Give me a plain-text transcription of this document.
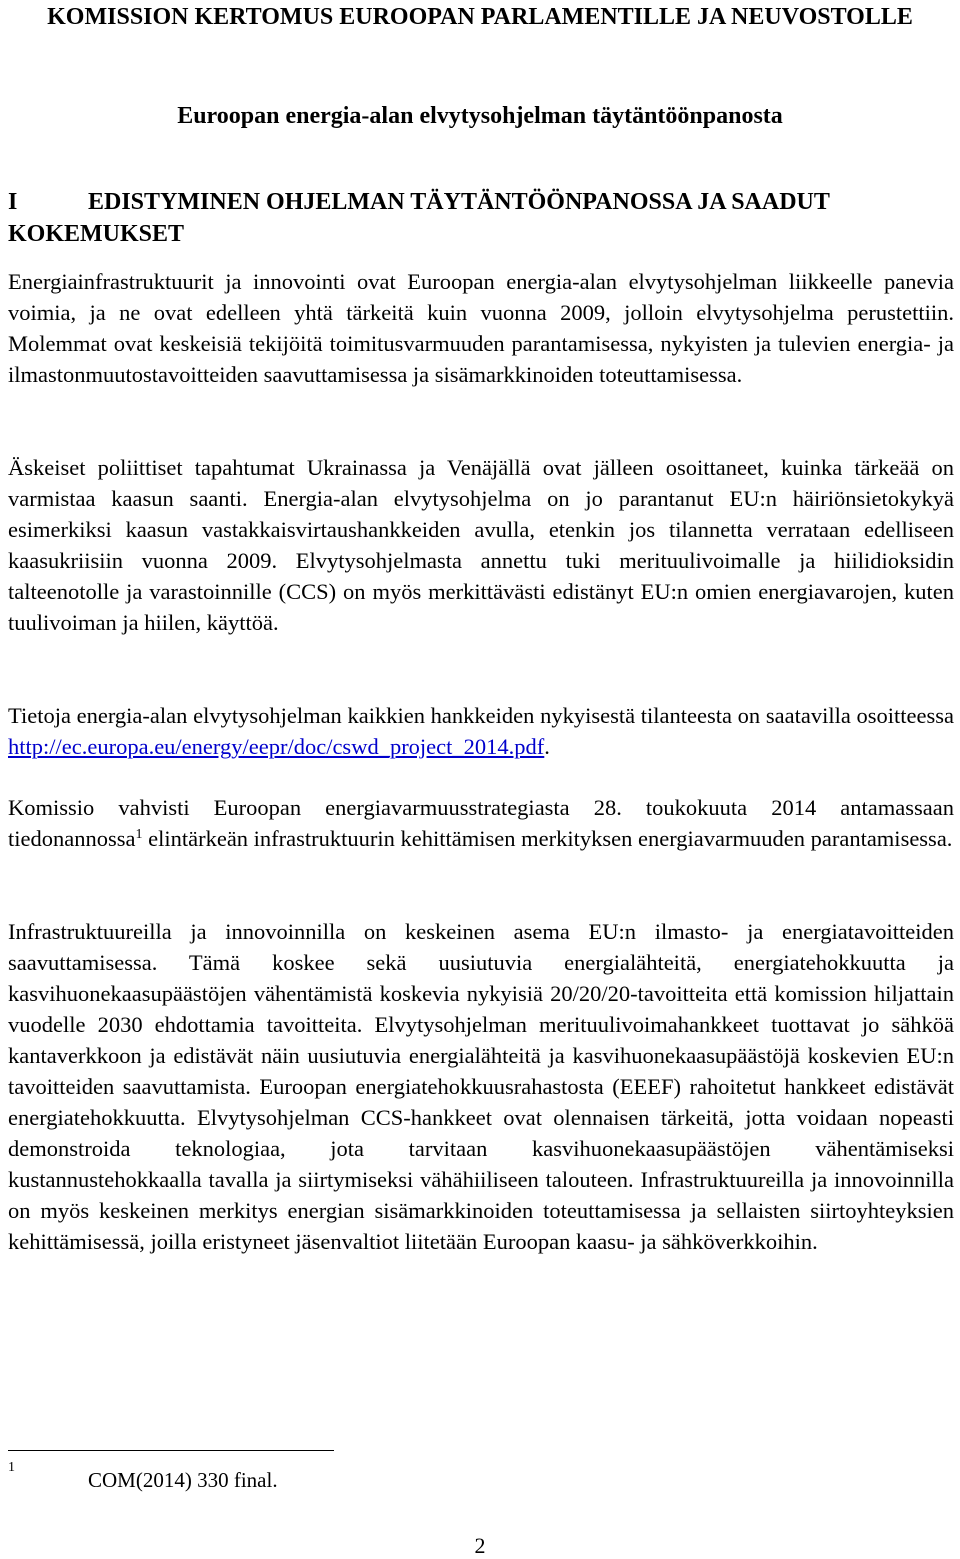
KOMISSION KERTOMUS EUROOPAN PARLAMENTILLE JA NEUVOSTOLLE
Euroopan energia-alan elvytysohjelman täytäntöönpanosta
I	EDISTYMINEN OHJELMAN TÄYTÄNTÖÖNPANOSSA JA SAADUT KOKEMUKSET

Energiainfrastruktuurit ja innovointi ovat Euroopan energia-alan elvytysohjelman liikkeelle panevia voimia, ja ne ovat edelleen yhtä tärkeitä kuin vuonna 2009, jolloin elvytysohjelma perustettiin. Molemmat ovat keskeisiä tekijöitä toimitusvarmuuden parantamisessa, nykyisten ja tulevien energia- ja ilmastonmuutostavoitteiden saavuttamisessa ja sisämarkkinoiden toteuttamisessa.

Äskeiset poliittiset tapahtumat Ukrainassa ja Venäjällä ovat jälleen osoittaneet, kuinka tärkeää on varmistaa kaasun saanti. Energia-alan elvytysohjelma on jo parantanut EU:n häiriönsietokykyä esimerkiksi kaasun vastakkaisvirtaushankkeiden avulla, etenkin jos tilannetta verrataan edelliseen kaasukriisiin vuonna 2009. Elvytysohjelmasta annettu tuki merituulivoimalle ja hiilidioksidin talteenotolle ja varastoinnille (CCS) on myös merkittävästi edistänyt EU:n omien energiavarojen, kuten tuulivoiman ja hiilen, käyttöä.

Tietoja energia-alan elvytysohjelman kaikkien hankkeiden nykyisestä tilanteesta on saatavilla osoitteessa http://ec.europa.eu/energy/eepr/doc/cswd_project_2014.pdf.

Komissio vahvisti Euroopan energiavarmuusstrategiasta 28. toukokuuta 2014 antamassaan tiedonannossa$^1$ elintärkeän infrastruktuurin kehittämisen merkityksen energiavarmuuden parantamisessa.

Infrastruktuureilla ja innovoinnilla on keskeinen asema EU:n ilmasto- ja energiatavoitteiden saavuttamisessa. Tämä koskee sekä uusiutuvia energialähteitä, energiatehokkuutta ja kasvihuonekaasupäästöjen vähentämistä koskevia nykyisiä 20/20/20-tavoitteita että komission hiljattain vuodelle 2030 ehdottamia tavoitteita. Elvytysohjelman merituulivoimahankkeet tuottavat jo sähköä kantaverkkoon ja edistävät näin uusiutuvia energialähteitä ja kasvihuonekaasupäästöjä koskevien EU:n tavoitteiden saavuttamista. Euroopan energiatehokkuusrahastosta (EEEF) rahoitetut hankkeet edistävät energiatehokkuutta. Elvytysohjelman CCS-hankkeet ovat olennaisen tärkeitä, jotta voidaan nopeasti demonstroida teknologiaa, jota tarvitaan kasvihuonekaasupäästöjen vähentämiseksi kustannustehokkaalla tavalla ja siirtymiseksi vähähiiliseen talouteen. Infrastruktuureilla ja innovoinnilla on myös keskeinen merkitys energian sisämarkkinoiden toteuttamisessa ja sellaisten siirtoyhteyksien kehittämisessä, joilla eristyneet jäsenvaltiot liitetään Euroopan kaasu- ja sähköverkkoihin.

1
COM(2014) 330 final.
2
